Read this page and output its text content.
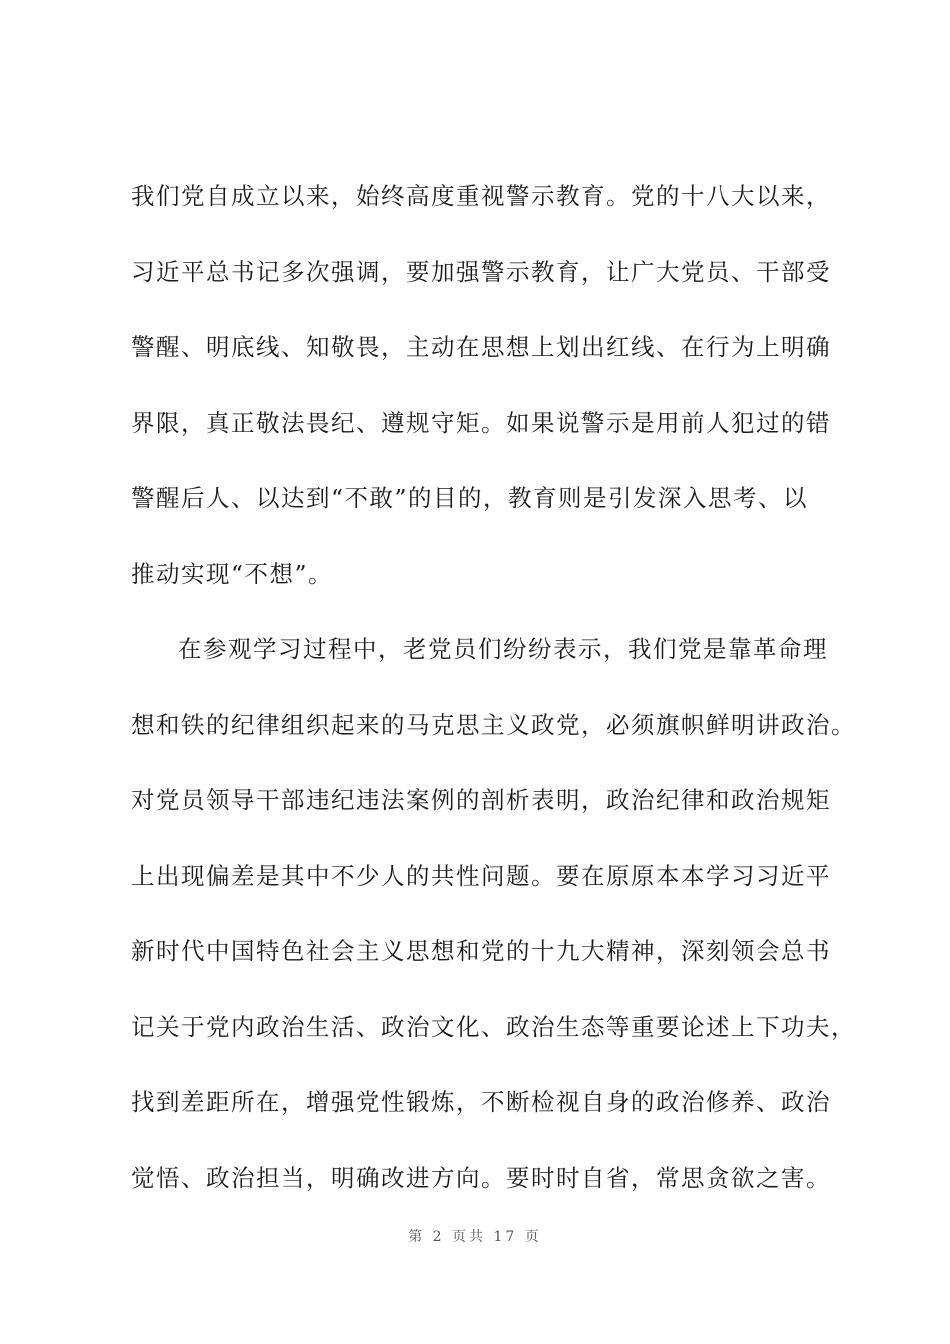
我们党自成立以来，始终高度重视警示教育。党的十八大以来，
习近平总书记多次强调，要加强警示教育，让广大党员、干部受
警醒、明底线、知敬畏，主动在思想上划出红线、在行为上明确
界限，真正敬法畏纪、遵规守矩。如果说警示是用前人犯过的错
警醒后人、以达到“不敢”的目的，教育则是引发深入思考、以
推动实现“不想”。
在参观学习过程中，老党员们纷纷表示，我们党是靠革命理
想和铁的纪律组织起来的马克思主义政党，必须旗帜鲜明讲政治。
对党员领导干部违纪违法案例的剖析表明，政治纪律和政治规矩
上出现偏差是其中不少人的共性问题。要在原原本本学习习近平
新时代中国特色社会主义思想和党的十九大精神，深刻领会总书
记关于党内政治生活、政治文化、政治生态等重要论述上下功夫，
找到差距所在，增强党性锻炼，不断检视自身的政治修养、政治
觉悟、政治担当，明确改进方向。要时时自省，常思贪欲之害。
第 2 页共 17 页
